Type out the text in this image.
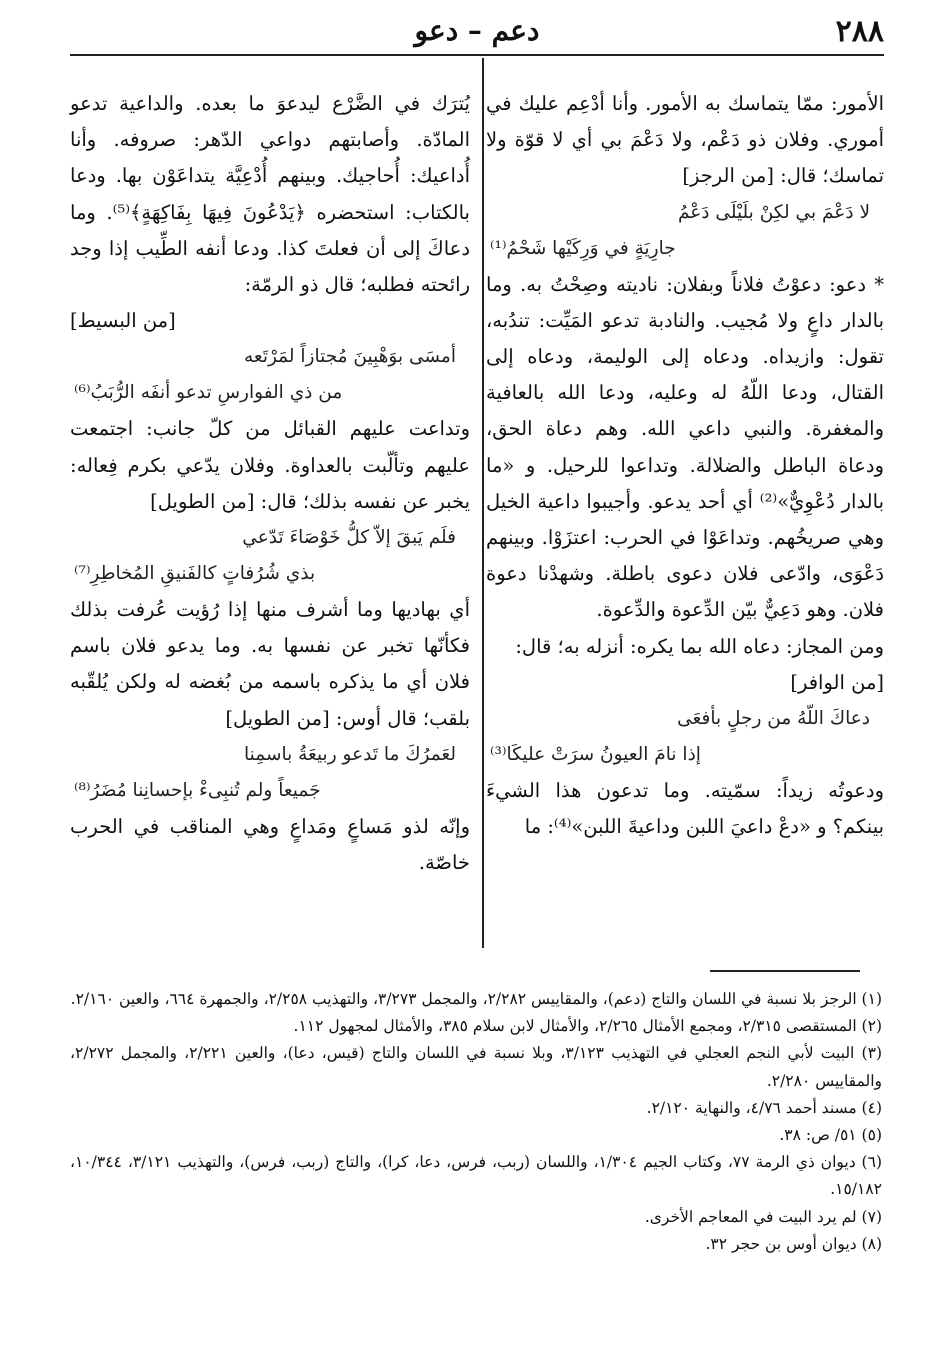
٢٨٨
دعم – دعو

الأمور: ممّا يتماسك به الأمور. وأنا أدْعِم عليك في أموري. وفلان ذو دَعْم، ولا دَعْمَ بي أي لا قوّة ولا تماسك؛ قال: [من الرجز]

لا دَعْمَ بي لكِنْ بلَيْلَى دَعْمُ
جارِيَةٍ في وَرِكَيْها شَحْمُ⁽¹⁾

* دعو: دعوْتُ فلاناً وبفلان: ناديته وصِحْتُ به. وما بالدار داعٍ ولا مُجيب. والنادبة تدعو المَيِّت: تندُبه، تقول: وازيداه. ودعاه إلى الوليمة، ودعاه إلى القتال، ودعا اللّهُ له وعليه، ودعا الله بالعافية والمغفرة. والنبي داعي الله. وهم دعاة الحق، ودعاة الباطل والضلالة. وتداعوا للرحيل. و «ما بالدار دُعْوِيٌّ»⁽²⁾ أي أحد يدعو. وأجيبوا داعية الخيل وهي صريخُهم. وتداعَوْا في الحرب: اعتزَوْا. وبينهم دَعْوَى، وادّعى فلان دعوى باطلة. وشهدْنا دعوة فلان. وهو دَعِيٌّ بيّن الدِّعوة والدِّعوة.

ومن المجاز: دعاه الله بما يكره: أنزله به؛ قال:

[من الوافر]

دعاكَ اللّهُ من رجلٍ بأفعَى
إذا نامَ العيونُ سرَتْ عليكَا⁽³⁾

ودعوتُه زيداً: سمّيته. وما تدعون هذا الشيءَ بينكم؟ و «دعْ داعيَ اللبن وداعيةَ اللبن»⁽⁴⁾: ما

يُترَك في الضَّرْع ليدعوَ ما بعده. والداعية تدعو المادّة. وأصابتهم دواعي الدّهر: صروفه. وأنا أُداعيك: أُحاجيك. وبينهم أُدْعِيَّة يتداعَوْن بها. ودعا بالكتاب: استحضره ﴿يَدْعُونَ فِيهَا بِفَاكِهَةٍ﴾⁽⁵⁾. وما دعاكَ إلى أن فعلتَ كذا. ودعا أنفه الطِّيب إذا وجد رائحته فطلبه؛ قال ذو الرمّة:

[من البسيط]

أمسَى بوَهْبِينَ مُجتازاً لمَرْتَعه
من ذي الفوارسِ تدعو أنفَه الرُّبَبُ⁽⁶⁾

وتداعت عليهم القبائل من كلّ جانب: اجتمعت عليهم وتألّبت بالعداوة. وفلان يدّعي بكرم فِعاله: يخبر عن نفسه بذلك؛ قال: [من الطويل]

فلَم يَبقَ إلاّ كلُّ خَوْصَاءَ تَدّعي
بذي شُرُفاتٍ كالفَنيقِ المُخاطِرِ⁽⁷⁾

أي بهاديها وما أشرف منها إذا رُؤيت عُرفت بذلك فكأنّها تخبر عن نفسها به. وما يدعو فلان باسم فلان أي ما يذكره باسمه من بُغضه له ولكن يُلقّبه بلقب؛ قال أوس: [من الطويل]

لعَمرُكَ ما تَدعو ربيعَةُ باسمِنا
جَميعاً ولم تُنبِىءْ بإحسانِنا مُضَرُ⁽⁸⁾

وإنّه لذو مَساعٍ ومَداعٍ وهي المناقب في الحرب خاصّة.

(١) الرجز بلا نسبة في اللسان والتاج (دعم)، والمقاييس ٢/٢٨٢، والمجمل ٣/٢٧٣، والتهذيب ٢/٢٥٨، والجمهرة ٦٦٤، والعين ٢/١٦٠.

(٢) المستقصى ٢/٣١٥، ومجمع الأمثال ٢/٢٦٥، والأمثال لابن سلام ٣٨٥، والأمثال لمجهول ١١٢.

(٣) البيت لأبي النجم العجلي في التهذيب ٣/١٢٣، وبلا نسبة في اللسان والتاج (قيس، دعا)، والعين ٢/٢٢١، والمجمل ٢/٢٧٢، والمقاييس ٢/٢٨٠.

(٤) مسند أحمد ٤/٧٦، والنهاية ٢/١٢٠.

(٥) ٥١/ ص: ٣٨.

(٦) ديوان ذي الرمة ٧٧، وكتاب الجيم ١/٣٠٤، واللسان (ربب، فرس، دعا، كرا)، والتاج (ربب، فرس)، والتهذيب ٣/١٢١، ١٠/٣٤٤، ١٥/١٨٢.

(٧) لم يرد البيت في المعاجم الأخرى.

(٨) ديوان أوس بن حجر ٣٢.
